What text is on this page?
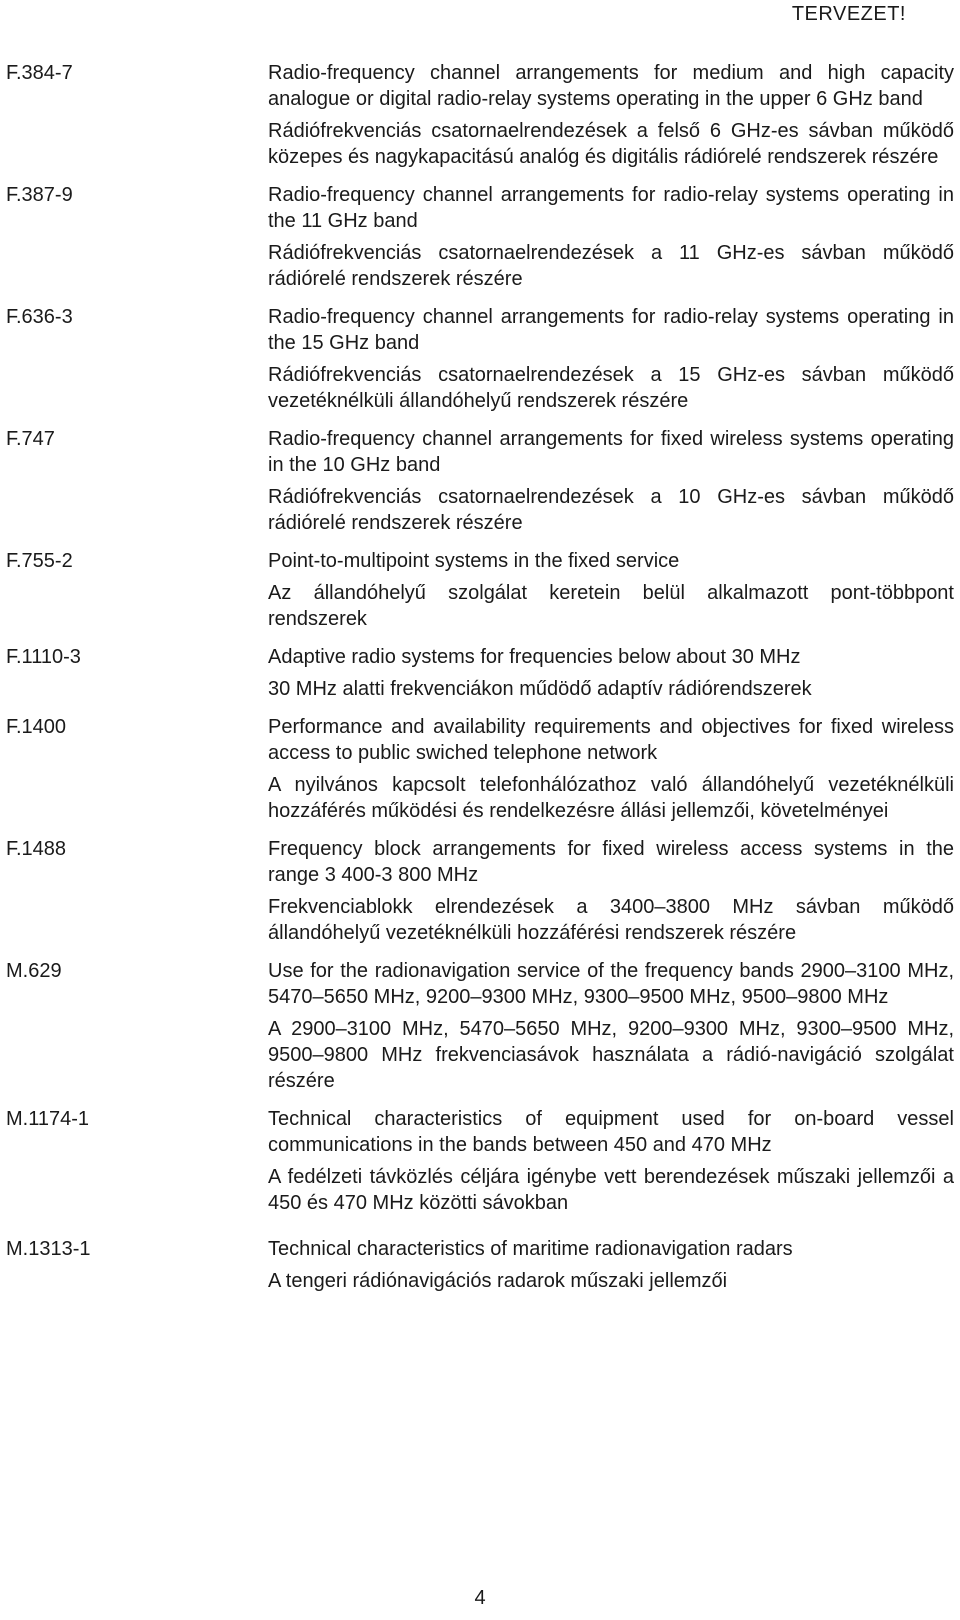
TERVEZET!
F.384-7	Radio-frequency channel arrangements for medium and high capacity analogue or digital radio-relay systems operating in the upper 6 GHz band

Rádiófrekvenciás csatornaelrendezések a felső 6 GHz-es sávban működő közepes és nagykapacitású analóg és digitális rádiórelé rendszerek részére

F.387-9	Radio-frequency channel arrangements for radio-relay systems operating in the 11 GHz band

Rádiófrekvenciás csatornaelrendezések a 11 GHz-es sávban működő rádiórelé rendszerek részére

F.636-3	Radio-frequency channel arrangements for radio-relay systems operating in the 15 GHz band

Rádiófrekvenciás csatornaelrendezések a 15 GHz-es sávban működő vezetéknélküli állandóhelyű rendszerek részére

F.747	Radio-frequency channel arrangements for fixed wireless systems operating in the 10 GHz band

Rádiófrekvenciás csatornaelrendezések a 10 GHz-es sávban működő rádiórelé rendszerek részére

F.755-2	Point-to-multipoint systems in the fixed service

Az állandóhelyű szolgálat keretein belül alkalmazott pont-többpont rendszerek

F.1110-3	Adaptive radio systems for frequencies below about 30 MHz

30 MHz alatti frekvenciákon műdödő adaptív rádiórendszerek

F.1400	Performance and availability requirements and objectives for fixed wireless access to public swiched telephone network

A nyilvános kapcsolt telefonhálózathoz való állandóhelyű vezetéknélküli hozzáférés működési és rendelkezésre állási jellemzői, követelményei

F.1488	Frequency block arrangements for fixed wireless access systems in the range 3 400-3 800 MHz

Frekvenciablokk elrendezések a 3400–3800 MHz sávban működő állandóhelyű vezetéknélküli hozzáférési rendszerek részére

M.629	Use for the radionavigation service of the frequency bands 2900–3100 MHz, 5470–5650 MHz, 9200–9300 MHz, 9300–9500 MHz, 9500–9800 MHz

A 2900–3100 MHz, 5470–5650 MHz, 9200–9300 MHz, 9300–9500 MHz, 9500–9800 MHz frekvenciasávok használata a rádió-navigáció szolgálat részére

M.1174-1	Technical characteristics of equipment used for on-board vessel communications in the bands between 450 and 470 MHz

A fedélzeti távközlés céljára igénybe vett berendezések műszaki jellemzői a 450 és 470 MHz közötti sávokban

M.1313-1	Technical characteristics of maritime radionavigation radars

A tengeri rádiónavigációs radarok műszaki jellemzői

4
